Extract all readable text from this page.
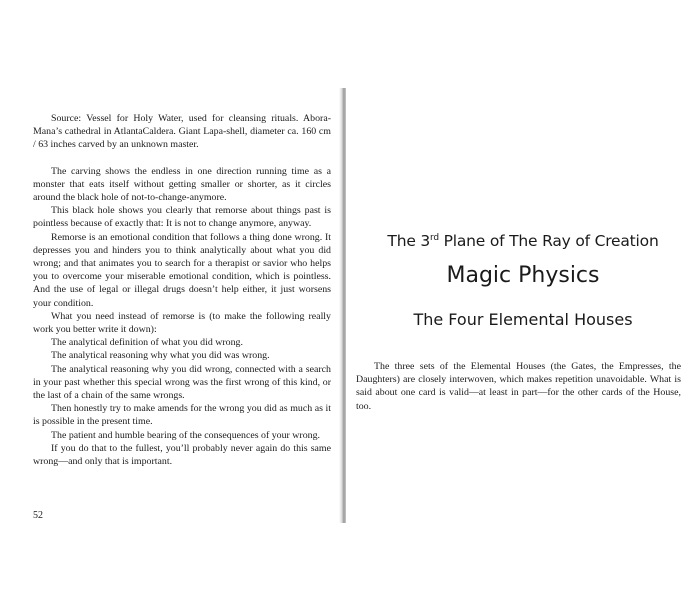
Source: Vessel for Holy Water, used for cleansing rituals. Abora-Mana’s cathedral in AtlantaCaldera. Giant Lapa-shell, diameter ca. 160 cm / 63 inches carved by an unknown master.

The carving shows the endless in one direction running time as a monster that eats itself without getting smaller or shorter, as it circles around the black hole of not-to-change-anymore.

This black hole shows you clearly that remorse about things past is pointless because of exactly that: It is not to change anymore, anyway.

Remorse is an emotional condition that follows a thing done wrong. It depresses you and hinders you to think analytically about what you did wrong; and that animates you to search for a therapist or savior who helps you to overcome your miserable emotional condition, which is pointless. And the use of legal or illegal drugs doesn’t help either, it just worsens your condition.

What you need instead of remorse is (to make the following really work you better write it down):

The analytical definition of what you did wrong.

The analytical reasoning why what you did was wrong.

The analytical reasoning why you did wrong, connected with a search in your past whether this special wrong was the first wrong of this kind, or the last of a chain of the same wrongs.

Then honestly try to make amends for the wrong you did as much as it is possible in the present time.

The patient and humble bearing of the consequences of your wrong.

If you do that to the fullest, you’ll probably never again do this same wrong—and only that is important.

52
The 3rd Plane of The Ray of Creation
Magic Physics
The Four Elemental Houses

The three sets of the Elemental Houses (the Gates, the Empresses, the Daughters) are closely interwoven, which makes repetition unavoidable. What is said about one card is valid—at least in part—for the other cards of the House, too.
